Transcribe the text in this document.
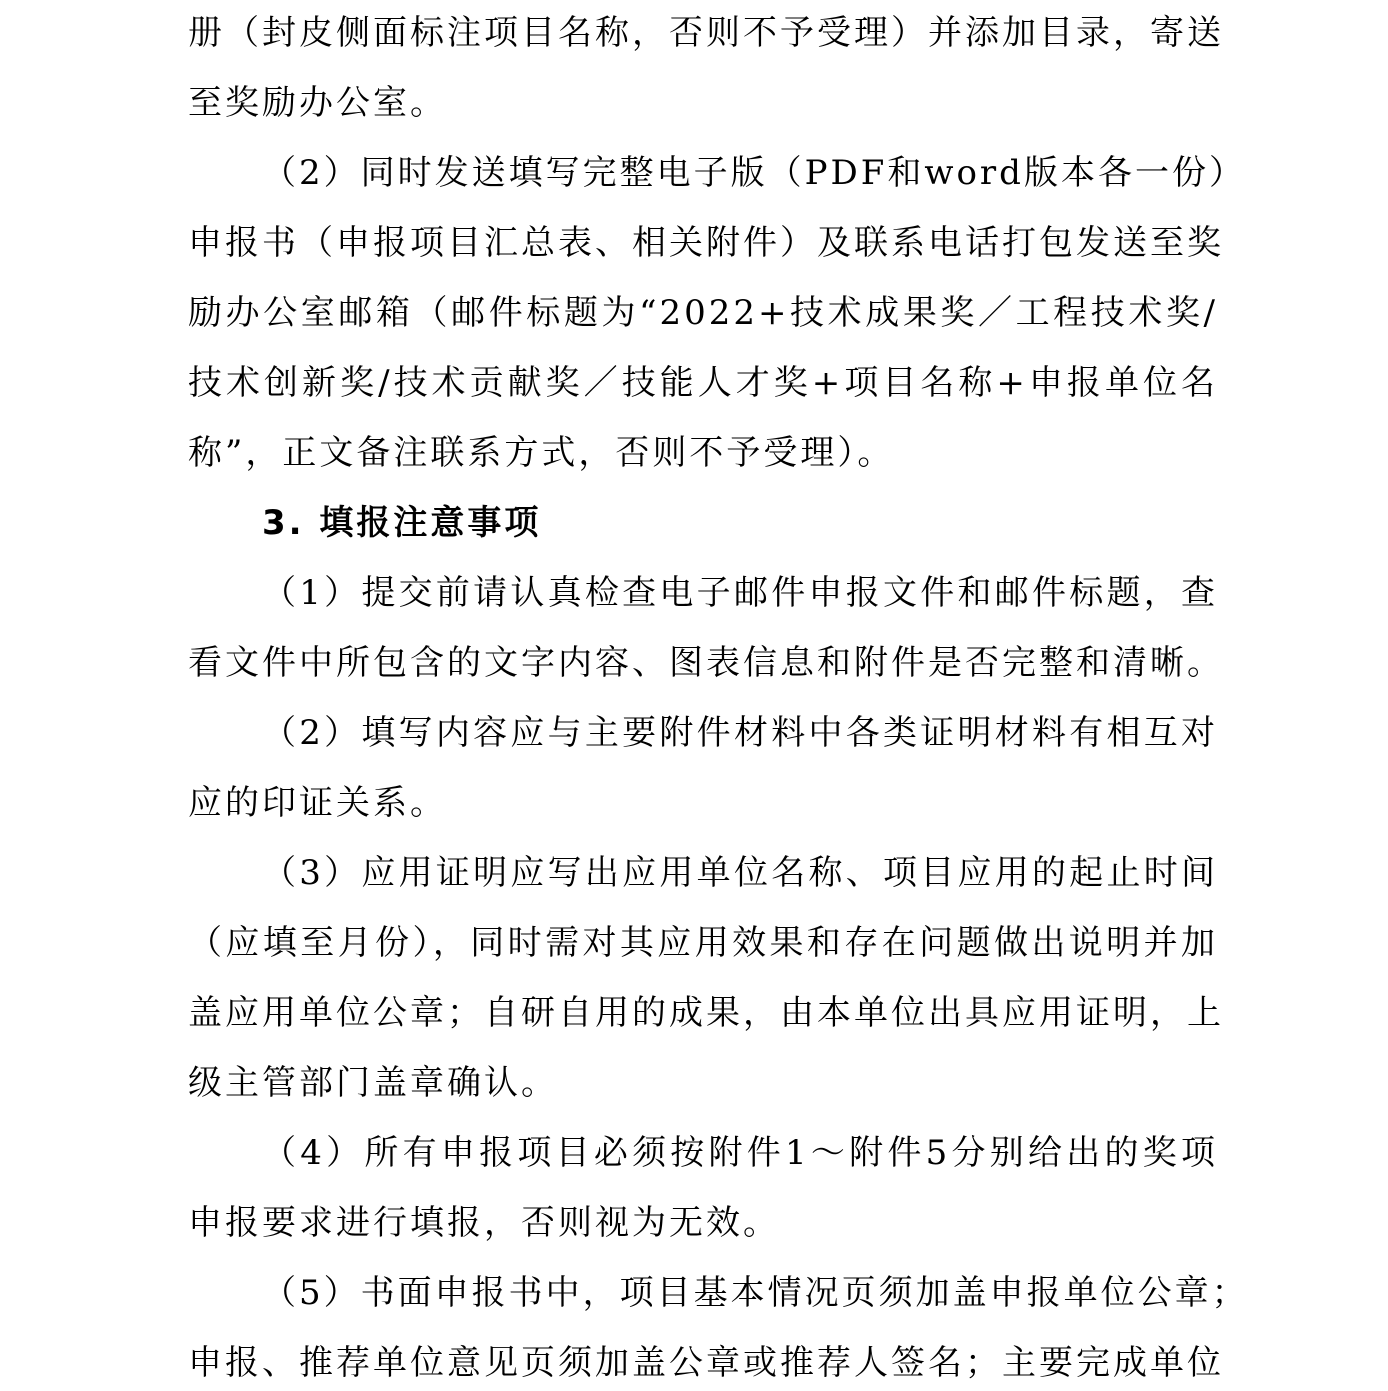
册（封皮侧面标注项目名称，否则不予受理）并添加目录，寄送
至奖励办公室。
（2）同时发送填写完整电子版（PDF和word版本各一份）
申报书（申报项目汇总表、相关附件）及联系电话打包发送至奖
励办公室邮箱（邮件标题为“2022+技术成果奖／工程技术奖/
技术创新奖/技术贡献奖／技能人才奖+项目名称+申报单位名
称”，正文备注联系方式，否则不予受理）。
3. 填报注意事项
（1）提交前请认真检查电子邮件申报文件和邮件标题，查
看文件中所包含的文字内容、图表信息和附件是否完整和清晰。
（2）填写内容应与主要附件材料中各类证明材料有相互对
应的印证关系。
（3）应用证明应写出应用单位名称、项目应用的起止时间
（应填至月份），同时需对其应用效果和存在问题做出说明并加
盖应用单位公章；自研自用的成果，由本单位出具应用证明，上
级主管部门盖章确认。
（4）所有申报项目必须按附件1～附件5分别给出的奖项
申报要求进行填报，否则视为无效。
（5）书面申报书中，项目基本情况页须加盖申报单位公章；
申报、推荐单位意见页须加盖公章或推荐人签名；主要完成单位
